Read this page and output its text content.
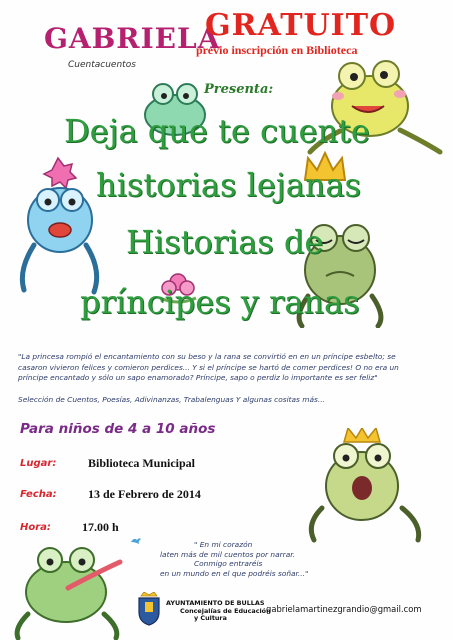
GABRIELA
Cuentacuentos
GRATUITO
previo inscripción en Biblioteca
Presenta:
Deja que te cuente
historias lejanas
Historias de
príncipes y ranas
"La princesa rompió el encantamiento con su beso y la rana se convirtió en en un príncipe esbelto; se casaron vivieron felices y comieron perdices... Y si el príncipe se hartó de comer perdices! O no era un príncipe encantado y sólo un sapo enamorado? Príncipe, sapo o perdiz lo importante es ser feliz"
Selección de Cuentos, Poesías, Adivinanzas, Trabalenguas Y algunas cositas más...
Para niños de 4 a 10 años
Lugar:	Biblioteca Municipal
Fecha:	13 de Febrero de 2014
Hora:	17.00 h
" En mi corazón
laten más de mil cuentos por narrar.
Conmigo entraréis
en un mundo en el que podréis soñar..."
AYUNTAMIENTO DE BULLAS
Concejalías de Educación
y Cultura
gabrielamartinezgrandio@gmail.com
